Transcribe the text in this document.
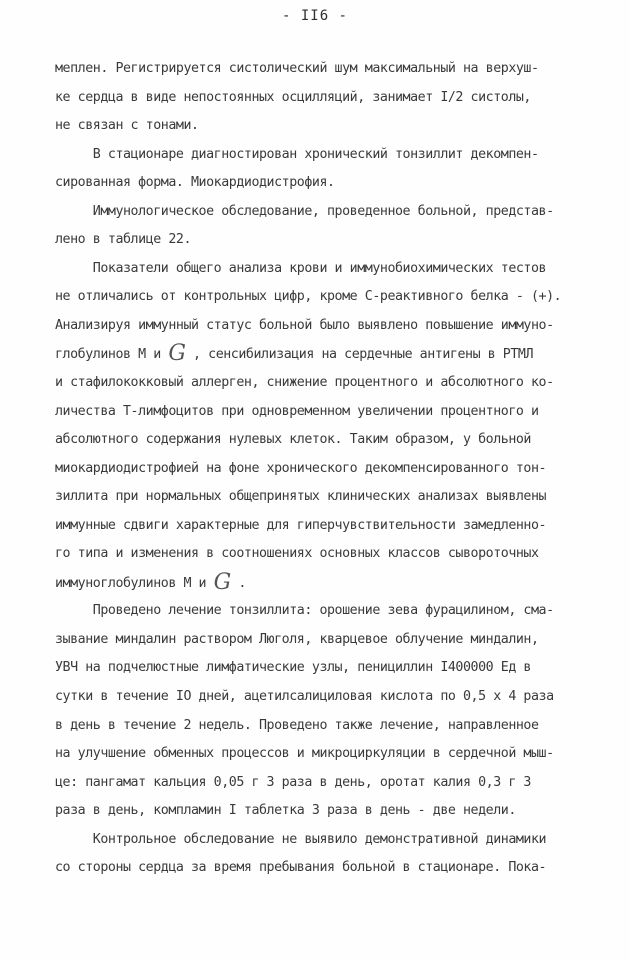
- II6 -
меплен. Регистрируется систолический шум максимальный на верхуш-
ке сердца в виде непостоянных осцилляций, занимает I/2 систолы,
не связан с тонами.
В стационаре диагностирован хронический тонзиллит декомпен-
сированная форма. Миокардиодистрофия.
Иммунологическое обследование, проведенное больной, представ-
лено в таблице 22.
Показатели общего анализа крови и иммунобиохимических тестов
не отличались от контрольных цифр, кроме С-реактивного белка - (+).
Анализируя иммунный статус больной было выявлено повышение иммуно-
глобулинов М и G , сенсибилизация на сердечные антигены в РТМЛ
и стафилококковый аллерген, снижение процентного и абсолютного ко-
личества Т-лимфоцитов при одновременном увеличении процентного и
абсолютного содержания нулевых клеток. Таким образом, у больной
миокардиодистрофией на фоне хронического декомпенсированного тон-
зиллита при нормальных общепринятых клинических анализах выявлены
иммунные сдвиги характерные для гиперчувствительности замедленно-
го типа и изменения в соотношениях основных классов сывороточных
иммуноглобулинов М и G .
Проведено лечение тонзиллита: орошение зева фурацилином, сма-
зывание миндалин раствором Люголя, кварцевое облучение миндалин,
УВЧ на подчелюстные лимфатические узлы, пенициллин I400000 Ед в
сутки в течение IO дней, ацетилсалициловая кислота по 0,5 х 4 раза
в день в течение 2 недель. Проведено также лечение, направленное
на улучшение обменных процессов и микроциркуляции в сердечной мыш-
це: пангамат кальция 0,05 г 3 раза в день, оротат калия 0,3 г 3
раза в день, компламин I таблетка 3 раза в день - две недели.
Контрольное обследование не выявило демонстративной динамики
со стороны сердца за время пребывания больной в стационаре. Пока-
